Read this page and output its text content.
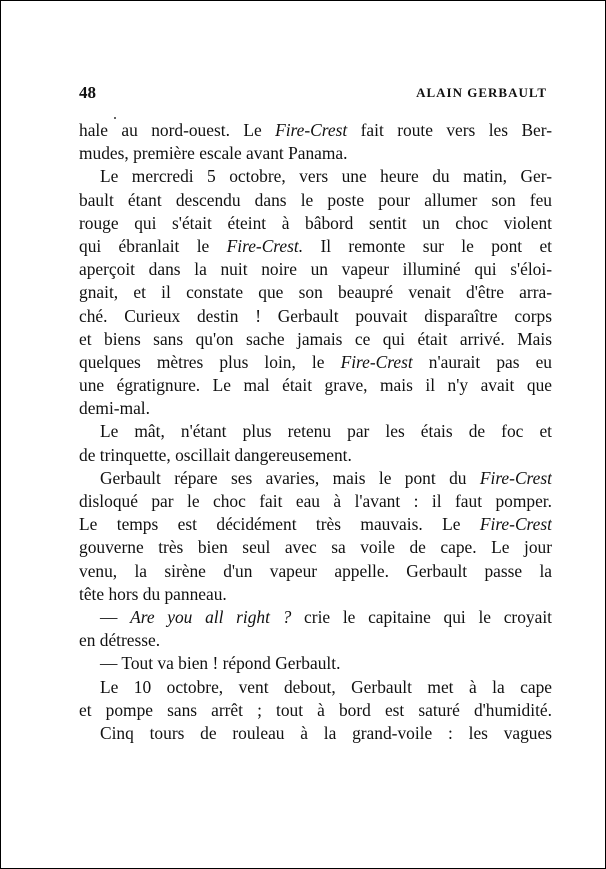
48	ALAIN GERBAULT
hale au nord-ouest. Le Fire-Crest fait route vers les Ber-
mudes, première escale avant Panama.
Le mercredi 5 octobre, vers une heure du matin, Ger-
bault étant descendu dans le poste pour allumer son feu
rouge qui s'était éteint à bâbord sentit un choc violent
qui ébranlait le Fire-Crest. Il remonte sur le pont et
aperçoit dans la nuit noire un vapeur illuminé qui s'éloi-
gnait, et il constate que son beaupré venait d'être arra-
ché. Curieux destin ! Gerbault pouvait disparaître corps
et biens sans qu'on sache jamais ce qui était arrivé. Mais
quelques mètres plus loin, le Fire-Crest n'aurait pas eu
une égratignure. Le mal était grave, mais il n'y avait que
demi-mal.
Le mât, n'étant plus retenu par les étais de foc et
de trinquette, oscillait dangereusement.
Gerbault répare ses avaries, mais le pont du Fire-Crest
disloqué par le choc fait eau à l'avant : il faut pomper.
Le temps est décidément très mauvais. Le Fire-Crest
gouverne très bien seul avec sa voile de cape. Le jour
venu, la sirène d'un vapeur appelle. Gerbault passe la
tête hors du panneau.
— Are you all right ? crie le capitaine qui le croyait
en détresse.
— Tout va bien ! répond Gerbault.
Le 10 octobre, vent debout, Gerbault met à la cape
et pompe sans arrêt ; tout à bord est saturé d'humidité.
Cinq tours de rouleau à la grand-voile : les vagues
